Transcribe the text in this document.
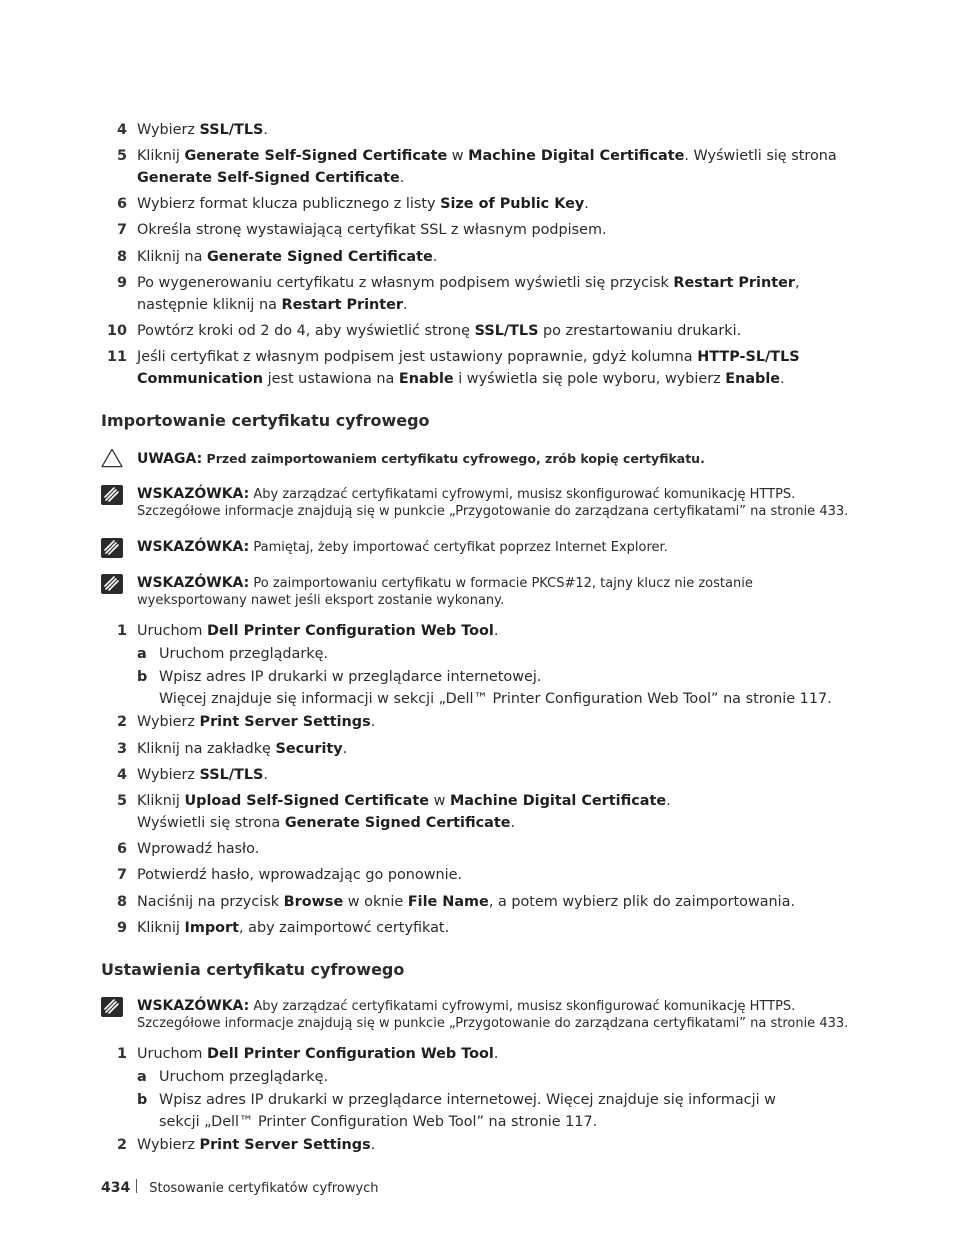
4 Wybierz SSL/TLS.
5 Kliknij Generate Self-Signed Certificate w Machine Digital Certificate. Wyświetli się strona Generate Self-Signed Certificate.
6 Wybierz format klucza publicznego z listy Size of Public Key.
7 Określa stronę wystawiającą certyfikat SSL z własnym podpisem.
8 Kliknij na Generate Signed Certificate.
9 Po wygenerowaniu certyfikatu z własnym podpisem wyświetli się przycisk Restart Printer, następnie kliknij na Restart Printer.
10 Powtórz kroki od 2 do 4, aby wyświetlić stronę SSL/TLS po zrestartowaniu drukarki.
11 Jeśli certyfikat z własnym podpisem jest ustawiony poprawnie, gdyż kolumna HTTP-SL/TLS Communication jest ustawiona na Enable i wyświetla się pole wyboru, wybierz Enable.
Importowanie certyfikatu cyfrowego
UWAGA: Przed zaimportowaniem certyfikatu cyfrowego, zrób kopię certyfikatu.
WSKAZÓWKA: Aby zarządzać certyfikatami cyfrowymi, musisz skonfigurować komunikację HTTPS. Szczegółowe informacje znajdują się w punkcie „Przygotowanie do zarządzana certyfikatami” na stronie 433.
WSKAZÓWKA: Pamiętaj, żeby importować certyfikat poprzez Internet Explorer.
WSKAZÓWKA: Po zaimportowaniu certyfikatu w formacie PKCS#12, tajny klucz nie zostanie wyeksportowany nawet jeśli eksport zostanie wykonany.
1 Uruchom Dell Printer Configuration Web Tool.
a Uruchom przeglądarkę.
b Wpisz adres IP drukarki w przeglądarce internetowej.
Więcej znajduje się informacji w sekcji „Dell™ Printer Configuration Web Tool” na stronie 117.
2 Wybierz Print Server Settings.
3 Kliknij na zakładkę Security.
4 Wybierz SSL/TLS.
5 Kliknij Upload Self-Signed Certificate w Machine Digital Certificate.
Wyświetli się strona Generate Signed Certificate.
6 Wprowadź hasło.
7 Potwierdź hasło, wprowadzając go ponownie.
8 Naciśnij na przycisk Browse w oknie File Name, a potem wybierz plik do zaimportowania.
9 Kliknij Import, aby zaimportowć certyfikat.
Ustawienia certyfikatu cyfrowego
WSKAZÓWKA: Aby zarządzać certyfikatami cyfrowymi, musisz skonfigurować komunikację HTTPS. Szczegółowe informacje znajdują się w punkcie „Przygotowanie do zarządzana certyfikatami” na stronie 433.
1 Uruchom Dell Printer Configuration Web Tool.
a Uruchom przeglądarkę.
b Wpisz adres IP drukarki w przeglądarce internetowej. Więcej znajduje się informacji w sekcji „Dell™ Printer Configuration Web Tool” na stronie 117.
2 Wybierz Print Server Settings.
434 Stosowanie certyfikatów cyfrowych
